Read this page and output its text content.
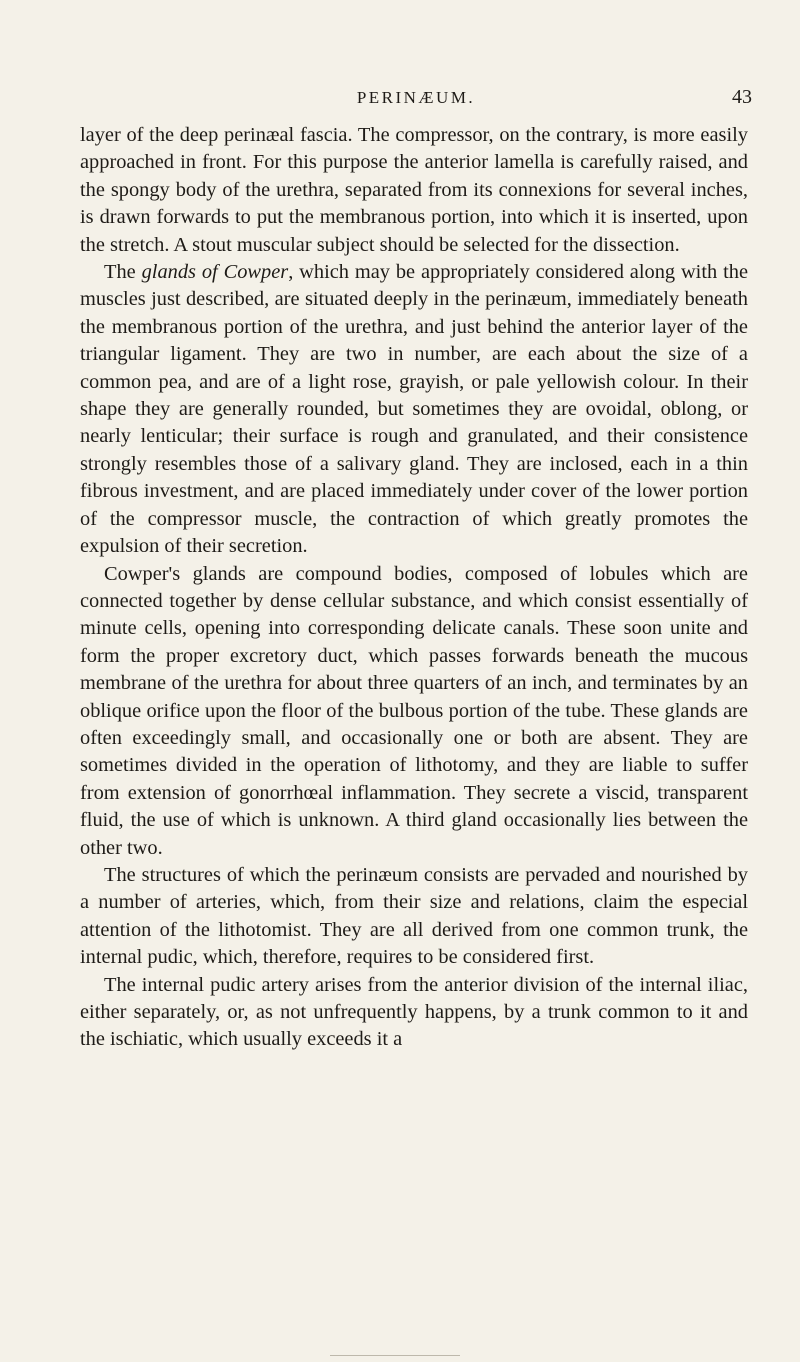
PERINÆUM.	43

layer of the deep perinæal fascia. The compressor, on the contrary, is more easily approached in front. For this purpose the anterior lamella is carefully raised, and the spongy body of the urethra, separated from its connexions for several inches, is drawn forwards to put the membranous portion, into which it is inserted, upon the stretch. A stout muscular subject should be selected for the dissection.

The glands of Cowper, which may be appropriately considered along with the muscles just described, are situated deeply in the perinæum, immediately beneath the membranous portion of the urethra, and just behind the anterior layer of the triangular ligament. They are two in number, are each about the size of a common pea, and are of a light rose, grayish, or pale yellowish colour. In their shape they are generally rounded, but sometimes they are ovoidal, oblong, or nearly lenticular; their surface is rough and granulated, and their consistence strongly resembles those of a salivary gland. They are inclosed, each in a thin fibrous investment, and are placed immediately under cover of the lower portion of the compressor muscle, the contraction of which greatly promotes the expulsion of their secretion.

Cowper's glands are compound bodies, composed of lobules which are connected together by dense cellular substance, and which consist essentially of minute cells, opening into corresponding delicate canals. These soon unite and form the proper excretory duct, which passes forwards beneath the mucous membrane of the urethra for about three quarters of an inch, and terminates by an oblique orifice upon the floor of the bulbous portion of the tube. These glands are often exceedingly small, and occasionally one or both are absent. They are sometimes divided in the operation of lithotomy, and they are liable to suffer from extension of gonorrhœal inflammation. They secrete a viscid, transparent fluid, the use of which is unknown. A third gland occasionally lies between the other two.

The structures of which the perinæum consists are pervaded and nourished by a number of arteries, which, from their size and relations, claim the especial attention of the lithotomist. They are all derived from one common trunk, the internal pudic, which, therefore, requires to be considered first.

The internal pudic artery arises from the anterior division of the internal iliac, either separately, or, as not unfrequently happens, by a trunk common to it and the ischiatic, which usually exceeds it a
